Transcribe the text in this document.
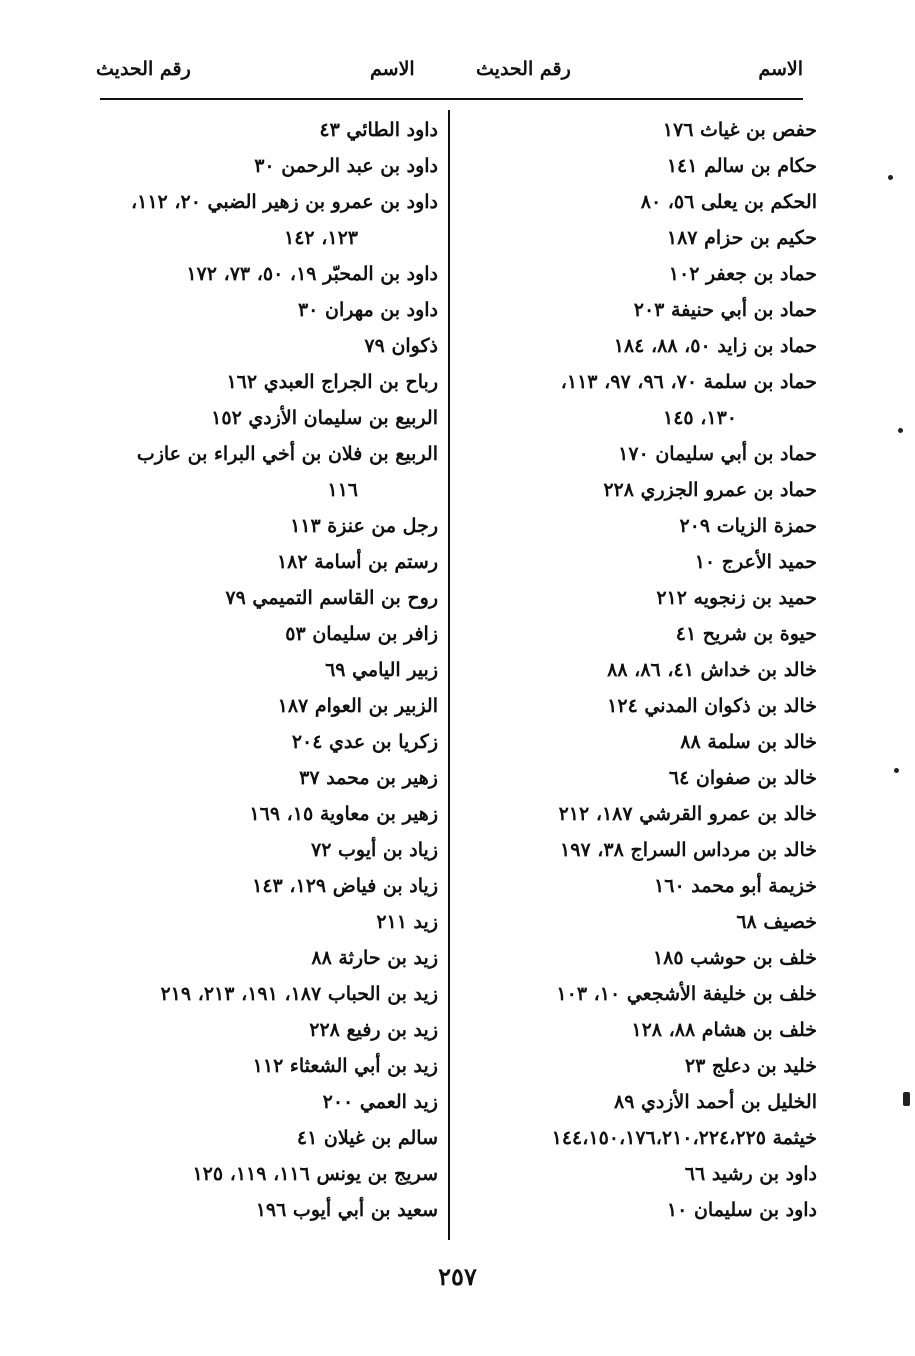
الاسم
رقم الحديث
الاسم
رقم الحديث
حفص بن غياث ١٧٦
حكام بن سالم ١٤١
الحكم بن يعلى ٥٦، ٨٠
حكيم بن حزام ١٨٧
حماد بن جعفر ١٠٢
حماد بن أبي حنيفة ٢٠٣
حماد بن زايد ٥٠، ٨٨، ١٨٤
حماد بن سلمة ٧٠، ٩٦، ٩٧، ١١٣،
١٣٠، ١٤٥
حماد بن أبي سليمان ١٧٠
حماد بن عمرو الجزري ٢٢٨
حمزة الزيات ٢٠٩
حميد الأعرج ١٠
حميد بن زنجويه ٢١٢
حيوة بن شريح ٤١
خالد بن خداش ٤١، ٨٦، ٨٨
خالد بن ذكوان المدني ١٢٤
خالد بن سلمة ٨٨
خالد بن صفوان ٦٤
خالد بن عمرو القرشي ١٨٧، ٢١٢
خالد بن مرداس السراج ٣٨، ١٩٧
خزيمة أبو محمد ١٦٠
خصيف ٦٨
خلف بن حوشب ١٨٥
خلف بن خليفة الأشجعي ١٠، ١٠٣
خلف بن هشام ٨٨، ١٢٨
خليد بن دعلج ٢٣
الخليل بن أحمد الأزدي ٨٩
خيثمة ١٤٤،١٥٠،١٧٦،٢١٠،٢٢٤،٢٢٥
داود بن رشيد ٦٦
داود بن سليمان ١٠
داود الطائي ٤٣
داود بن عبد الرحمن ٣٠
داود بن عمرو بن زهير الضبي ٢٠، ١١٢،
١٢٣، ١٤٢
داود بن المحبّر ١٩، ٥٠، ٧٣، ١٧٢
داود بن مهران ٣٠
ذكوان ٧٩
رباح بن الجراج العبدي ١٦٢
الربيع بن سليمان الأزدي ١٥٢
الربيع بن فلان بن أخي البراء بن عازب
١١٦
رجل من عنزة ١١٣
رستم بن أسامة ١٨٢
روح بن القاسم التميمي ٧٩
زافر بن سليمان ٥٣
زبير اليامي ٦٩
الزبير بن العوام ١٨٧
زكريا بن عدي ٢٠٤
زهير بن محمد ٣٧
زهير بن معاوية ١٥، ١٦٩
زياد بن أيوب ٧٢
زياد بن فياض ١٢٩، ١٤٣
زيد ٢١١
زيد بن حارثة ٨٨
زيد بن الحباب ١٨٧، ١٩١، ٢١٣، ٢١٩
زيد بن رفيع ٢٢٨
زيد بن أبي الشعثاء ١١٢
زيد العمي ٢٠٠
سالم بن غيلان ٤١
سريج بن يونس ١١٦، ١١٩، ١٢٥
سعيد بن أبي أيوب ١٩٦
٢٥٧
